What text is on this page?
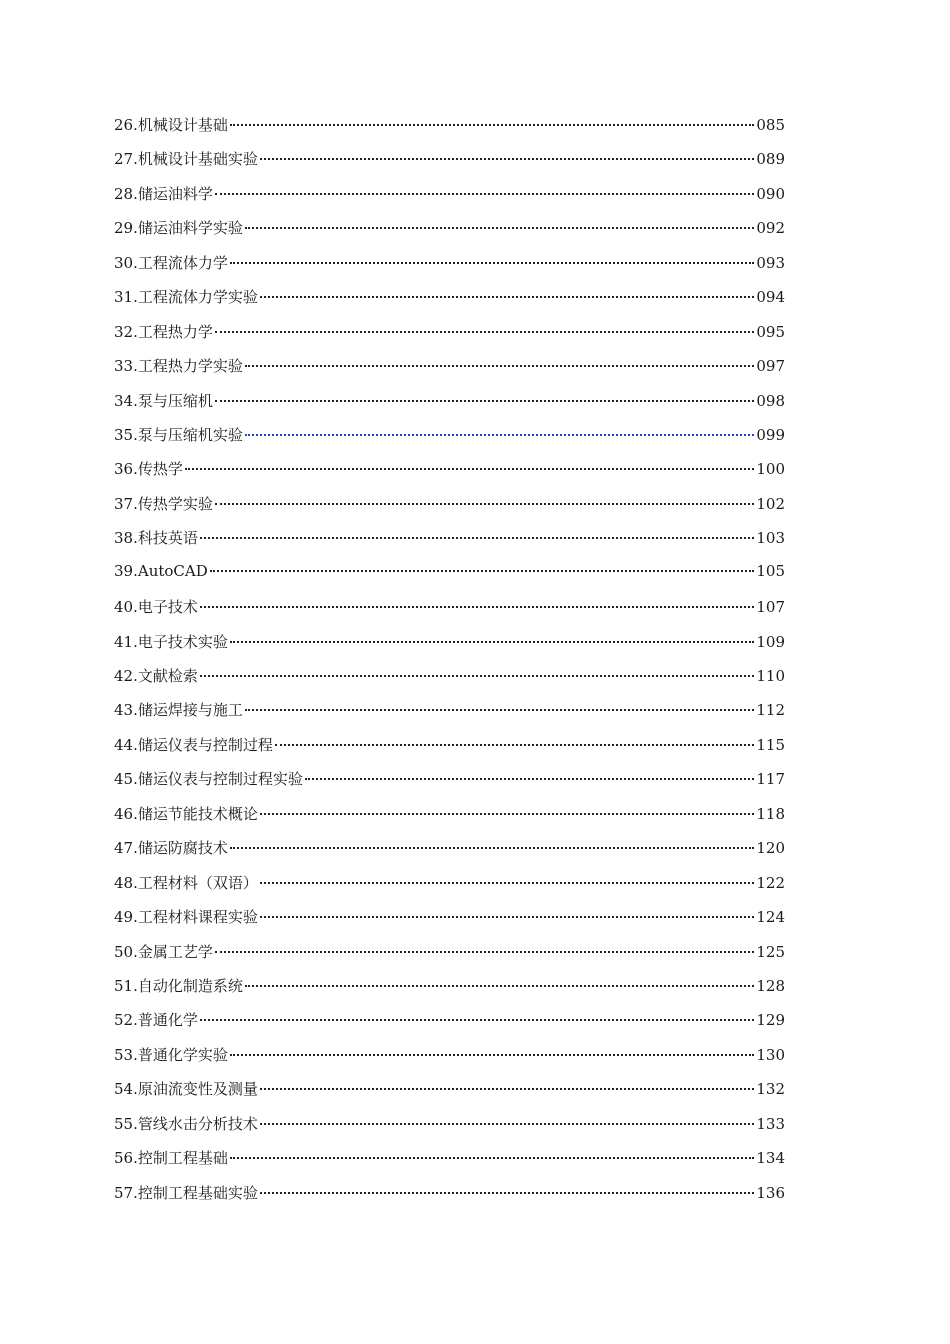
26.机械设计基础	085
27.机械设计基础实验	089
28.储运油料学	090
29.储运油料学实验	092
30.工程流体力学	093
31.工程流体力学实验	094
32.工程热力学	095
33.工程热力学实验	097
34.泵与压缩机	098
35.泵与压缩机实验	099
36.传热学	100
37.传热学实验	102
38.科技英语	103
39.AutoCAD	105
40.电子技术	107
41.电子技术实验	109
42.文献检索	110
43.储运焊接与施工	112
44.储运仪表与控制过程	115
45.储运仪表与控制过程实验	117
46.储运节能技术概论	118
47.储运防腐技术	120
48.工程材料（双语）	122
49.工程材料课程实验	124
50.金属工艺学	125
51.自动化制造系统	128
52.普通化学	129
53.普通化学实验	130
54.原油流变性及测量	132
55.管线水击分析技术	133
56.控制工程基础	134
57.控制工程基础实验	136
